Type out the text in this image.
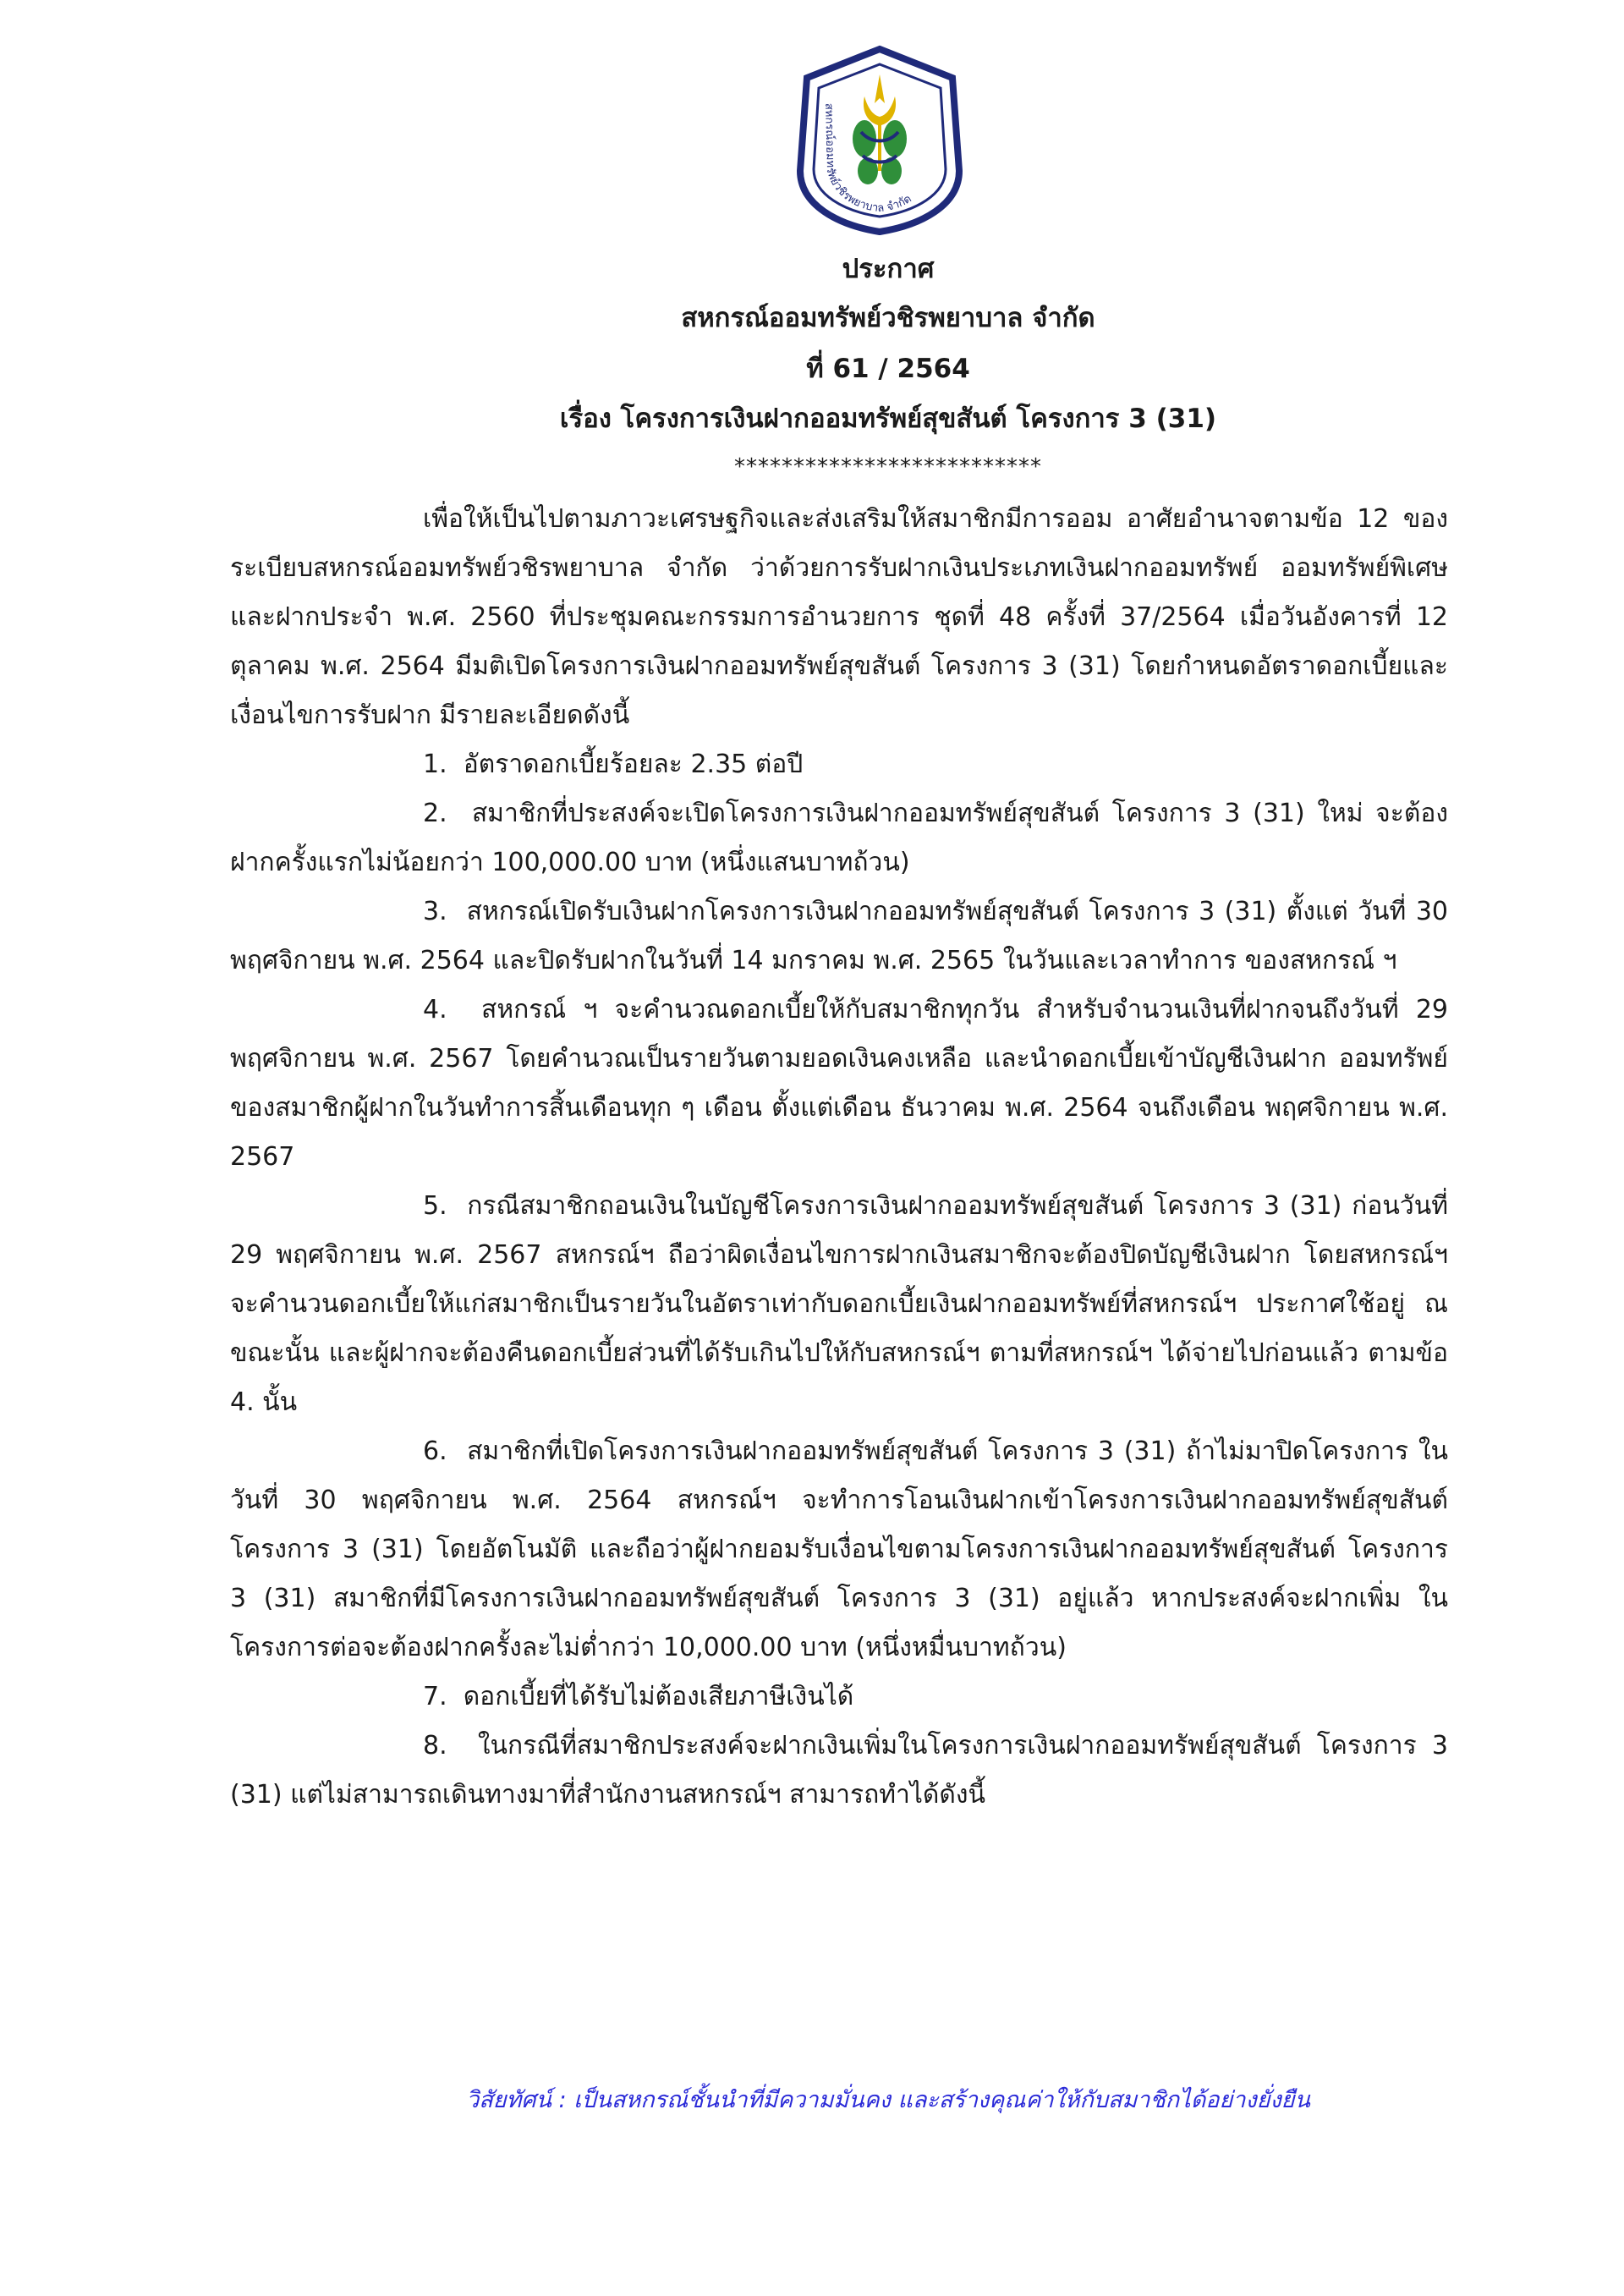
สหกรณ์ออมทรัพย์วชิรพยาบาล จำกัด
ประกาศ
สหกรณ์ออมทรัพย์วชิรพยาบาล จำกัด
ที่ 61 / 2564
เรื่อง โครงการเงินฝากออมทรัพย์สุขสันต์ โครงการ 3 (31)
**************************

เพื่อให้เป็นไปตามภาวะเศรษฐกิจและส่งเสริมให้สมาชิกมีการออม อาศัยอำนาจตามข้อ 12 ของระเบียบสหกรณ์ออมทรัพย์วชิรพยาบาล จำกัด ว่าด้วยการรับฝากเงินประเภทเงินฝากออมทรัพย์ ออมทรัพย์พิเศษ และฝากประจำ พ.ศ. 2560 ที่ประชุมคณะกรรมการอำนวยการ ชุดที่ 48 ครั้งที่ 37/2564 เมื่อวันอังคารที่ 12 ตุลาคม พ.ศ. 2564 มีมติเปิดโครงการเงินฝากออมทรัพย์สุขสันต์ โครงการ 3 (31) โดยกำหนดอัตราดอกเบี้ยและเงื่อนไขการรับฝาก มีรายละเอียดดังนี้

1. อัตราดอกเบี้ยร้อยละ 2.35 ต่อปี

2. สมาชิกที่ประสงค์จะเปิดโครงการเงินฝากออมทรัพย์สุขสันต์ โครงการ 3 (31) ใหม่ จะต้องฝากครั้งแรกไม่น้อยกว่า 100,000.00 บาท (หนึ่งแสนบาทถ้วน)

3. สหกรณ์เปิดรับเงินฝากโครงการเงินฝากออมทรัพย์สุขสันต์ โครงการ 3 (31) ตั้งแต่ วันที่ 30 พฤศจิกายน พ.ศ. 2564 และปิดรับฝากในวันที่ 14 มกราคม พ.ศ. 2565 ในวันและเวลาทำการ ของสหกรณ์ ฯ

4. สหกรณ์ ฯ จะคำนวณดอกเบี้ยให้กับสมาชิกทุกวัน สำหรับจำนวนเงินที่ฝากจนถึงวันที่ 29 พฤศจิกายน พ.ศ. 2567 โดยคำนวณเป็นรายวันตามยอดเงินคงเหลือ และนำดอกเบี้ยเข้าบัญชีเงินฝาก ออมทรัพย์ของสมาชิกผู้ฝากในวันทำการสิ้นเดือนทุก ๆ เดือน ตั้งแต่เดือน ธันวาคม พ.ศ. 2564 จนถึงเดือน พฤศจิกายน พ.ศ. 2567

5. กรณีสมาชิกถอนเงินในบัญชีโครงการเงินฝากออมทรัพย์สุขสันต์ โครงการ 3 (31) ก่อนวันที่ 29 พฤศจิกายน พ.ศ. 2567 สหกรณ์ฯ ถือว่าผิดเงื่อนไขการฝากเงินสมาชิกจะต้องปิดบัญชีเงินฝาก โดยสหกรณ์ฯ จะคำนวนดอกเบี้ยให้แก่สมาชิกเป็นรายวันในอัตราเท่ากับดอกเบี้ยเงินฝากออมทรัพย์ที่สหกรณ์ฯ ประกาศใช้อยู่ ณ ขณะนั้น และผู้ฝากจะต้องคืนดอกเบี้ยส่วนที่ได้รับเกินไปให้กับสหกรณ์ฯ ตามที่สหกรณ์ฯ ได้จ่ายไปก่อนแล้ว ตามข้อ 4. นั้น

6. สมาชิกที่เปิดโครงการเงินฝากออมทรัพย์สุขสันต์ โครงการ 3 (31) ถ้าไม่มาปิดโครงการ ในวันที่ 30 พฤศจิกายน พ.ศ. 2564 สหกรณ์ฯ จะทำการโอนเงินฝากเข้าโครงการเงินฝากออมทรัพย์สุขสันต์ โครงการ 3 (31) โดยอัตโนมัติ และถือว่าผู้ฝากยอมรับเงื่อนไขตามโครงการเงินฝากออมทรัพย์สุขสันต์ โครงการ 3 (31) สมาชิกที่มีโครงการเงินฝากออมทรัพย์สุขสันต์ โครงการ 3 (31) อยู่แล้ว หากประสงค์จะฝากเพิ่ม ในโครงการต่อจะต้องฝากครั้งละไม่ต่ำกว่า 10,000.00 บาท (หนึ่งหมื่นบาทถ้วน)

7. ดอกเบี้ยที่ได้รับไม่ต้องเสียภาษีเงินได้

8. ในกรณีที่สมาชิกประสงค์จะฝากเงินเพิ่มในโครงการเงินฝากออมทรัพย์สุขสันต์ โครงการ 3 (31) แต่ไม่สามารถเดินทางมาที่สำนักงานสหกรณ์ฯ สามารถทำได้ดังนี้

วิสัยทัศน์ : เป็นสหกรณ์ชั้นนำที่มีความมั่นคง และสร้างคุณค่าให้กับสมาชิกได้อย่างยั่งยืน
